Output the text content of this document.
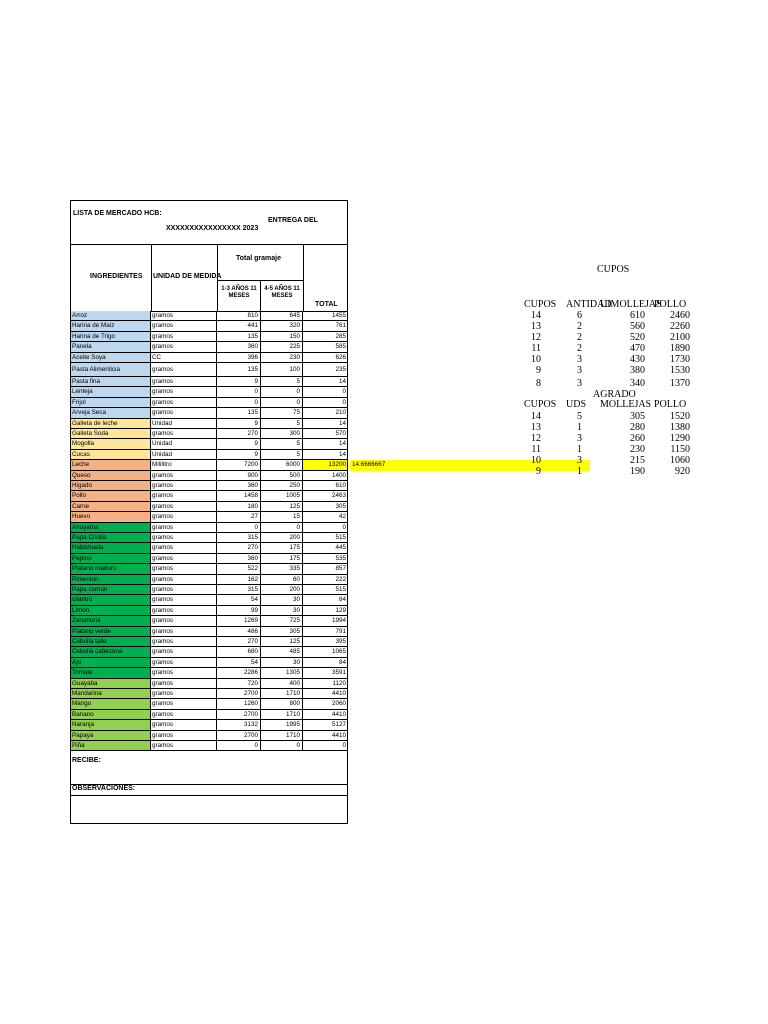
LISTA DE MERCADO HCB:
ENTREGA DEL
XXXXXXXXXXXXXXXX 2023
INGREDIENTES UNIDAD DE MEDIDA
Total gramaje
1-3 AÑOS 11 MESES
4-5 AÑOS 11 MESES
TOTAL
Arroz	gramos	810	645	1455
Harina de Maiz	gramos	441	320	761
Harina de Trigo	gramos	135	150	285
Panela	gramos	360	225	585
Aceite Soya	CC	396	230	626
Pasta Alimenticia	gramos	135	100	235
Pasta fina	gramos	9	5	14
Lenteja	gramos	0	0	0
Frijol	gramos	0	0	0
Arveja Seca	gramos	135	75	210
Galleta de leche	Unidad	9	5	14
Galleta Soda	gramos	270	300	570
Mogolla	Unidad	9	5	14
Cucas	Unidad	9	5	14
Leche	Mililitro	7200	6000	13200 14.6666667
Queso	gramos	900	500	1400
Higado	gramos	360	250	610
Pollo	gramos	1458	1005	2463
Carne	gramos	180	125	305
Huevo	gramos	27	15	42
Ahuyama	gramos	0	0	0
Papa Criolla	gramos	315	200	515
Habichuela	gramos	270	175	445
Pepino	gramos	360	175	535
Platano maduro	gramos	522	335	857
Pimenton	gramos	162	60	222
Papa común	gramos	315	200	515
cilantro	gramos	54	30	84
Limon	gramos	99	30	129
Zanahoria	gramos	1269	725	1994
Platano verde	gramos	486	305	791
Cebolla tallo	gramos	270	125	395
Cebolla cabezona	gramos	680	485	1065
Ajo	gramos	54	30	84
Tomate	gramos	2286	1305	3591
Guayaba	gramos	720	400	1120
Mandarina	gramos	2700	1710	4410
Mango	gramos	1260	800	2060
Banano	gramos	2700	1710	4410
Naranja	gramos	3132	1995	5127
Papaya	gramos	2700	1710	4410
Piña	gramos	0	0	0
RECIBE:
OBSERVACIONES:
CUPOS
CUPOS ANTIDAD
UIMOLLEJAS
POLLO
14	6	610	2460
13	2	560	2260
12	2	520	2100
11	2	470	1890
10	3	430	1730
9	3	380	1530
8	3	340	1370
AGRADO
CUPOS UDS MOLLEJAS POLLO
14	5	305	1520
13	1	280	1380
12	3	260	1290
11	1	230	1150
10	3	215	1060
9	1	190	920
